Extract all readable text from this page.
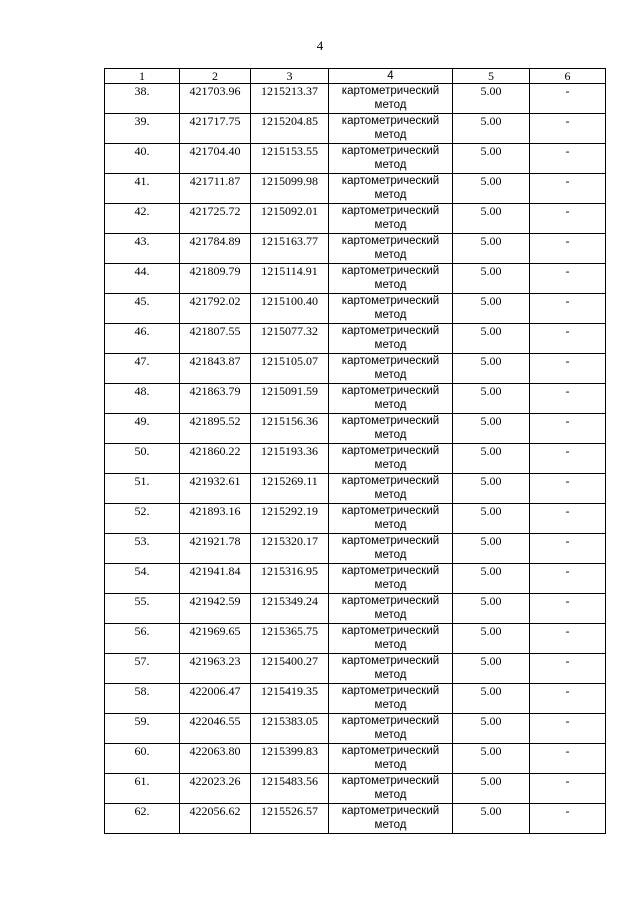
4
1	2	3	4	5	6
38.	421703.96	1215213.37	картометрический метод	5.00	-
39.	421717.75	1215204.85	картометрический метод	5.00	-
40.	421704.40	1215153.55	картометрический метод	5.00	-
41.	421711.87	1215099.98	картометрический метод	5.00	-
42.	421725.72	1215092.01	картометрический метод	5.00	-
43.	421784.89	1215163.77	картометрический метод	5.00	-
44.	421809.79	1215114.91	картометрический метод	5.00	-
45.	421792.02	1215100.40	картометрический метод	5.00	-
46.	421807.55	1215077.32	картометрический метод	5.00	-
47.	421843.87	1215105.07	картометрический метод	5.00	-
48.	421863.79	1215091.59	картометрический метод	5.00	-
49.	421895.52	1215156.36	картометрический метод	5.00	-
50.	421860.22	1215193.36	картометрический метод	5.00	-
51.	421932.61	1215269.11	картометрический метод	5.00	-
52.	421893.16	1215292.19	картометрический метод	5.00	-
53.	421921.78	1215320.17	картометрический метод	5.00	-
54.	421941.84	1215316.95	картометрический метод	5.00	-
55.	421942.59	1215349.24	картометрический метод	5.00	-
56.	421969.65	1215365.75	картометрический метод	5.00	-
57.	421963.23	1215400.27	картометрический метод	5.00	-
58.	422006.47	1215419.35	картометрический метод	5.00	-
59.	422046.55	1215383.05	картометрический метод	5.00	-
60.	422063.80	1215399.83	картометрический метод	5.00	-
61.	422023.26	1215483.56	картометрический метод	5.00	-
62.	422056.62	1215526.57	картометрический метод	5.00	-
